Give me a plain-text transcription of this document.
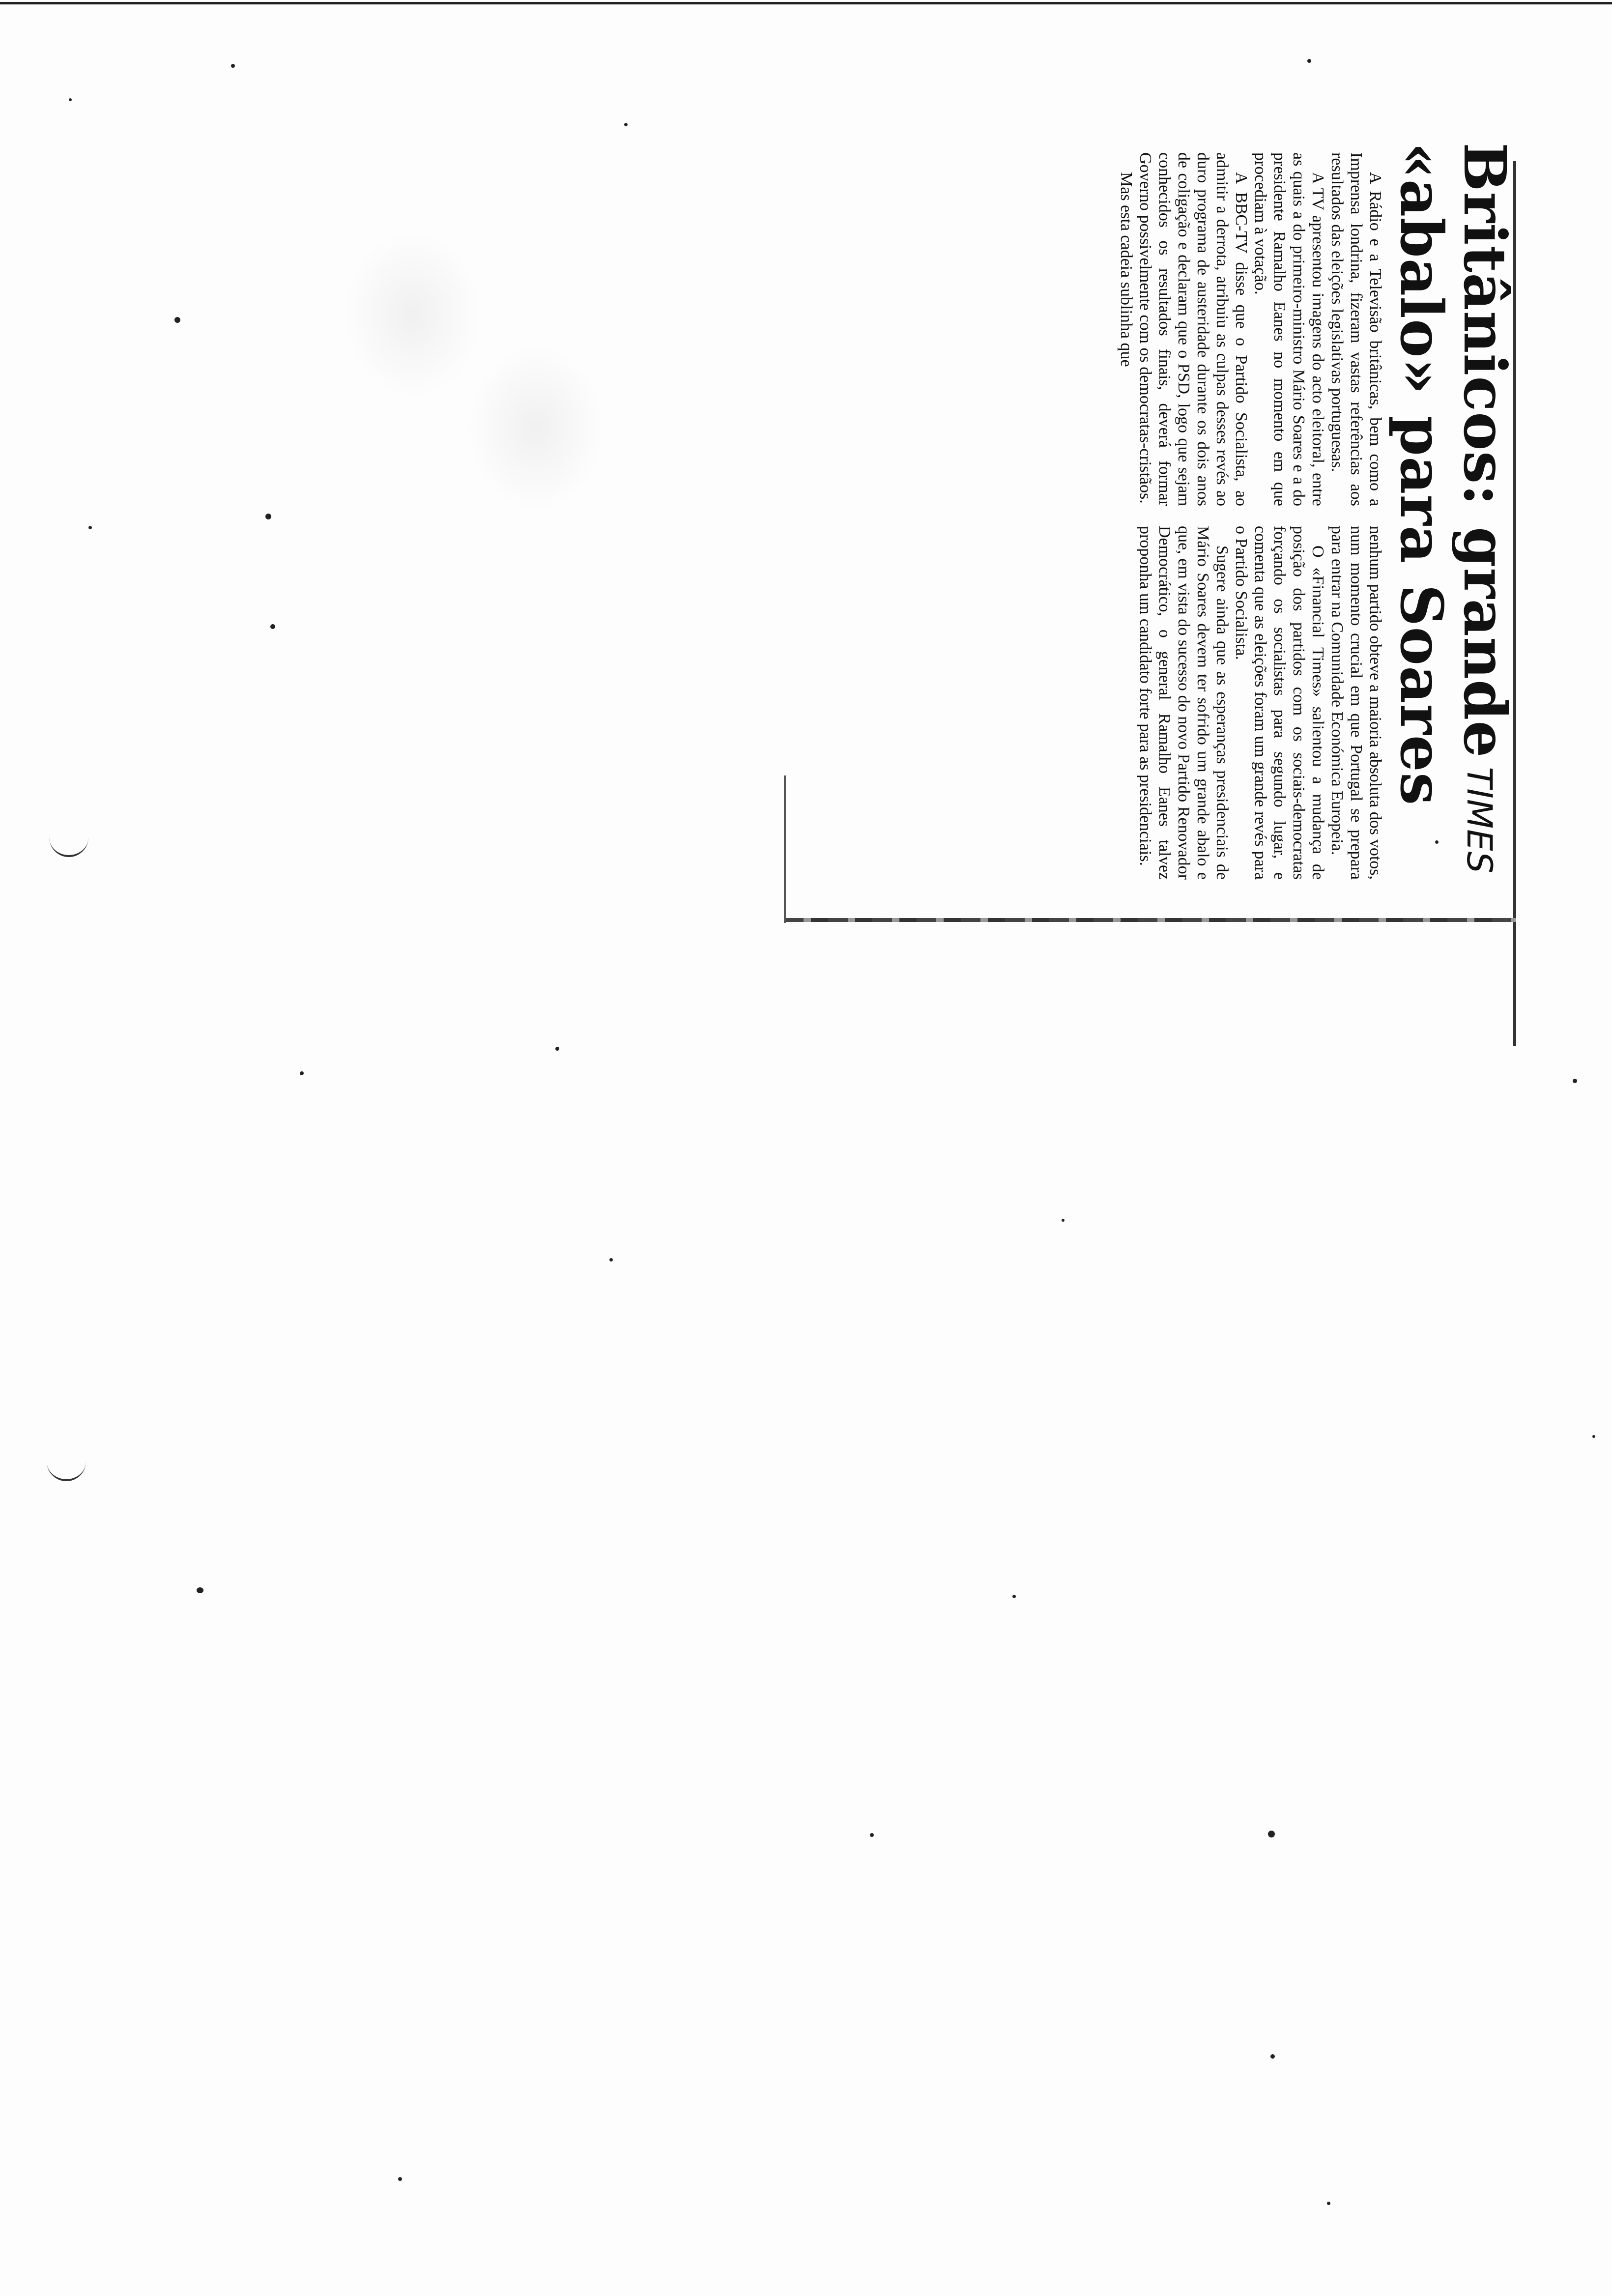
Britânicos: grandeTIMES
«abalo» para Soares

A Rádio e a Televisão britânicas, bem como a Imprensa londrina, fizeram vastas referências aos resultados das eleições legislativas portuguesas.

A TV apresentou imagens do acto eleitoral, entre as quais a do primeiro-ministro Mário Soares e a do presidente Ramalho Eanes no momento em que procediam à votação.

A BBC-TV disse que o Partido Socialista, ao admitir a derrota, atribuiu as culpas desses revés ao duro programa de austeridade durante os dois anos de coligação e declaram que o PSD, logo que sejam conhecidos os resultados finais, deverá formar Governo possivelmente com os democratas-cristãos.

Mas esta cadeia sublinha que

nenhum partido obteve a maioria absoluta dos votos, num momento crucial em que Portugal se prepara para entrar na Comunidade Económica Europeia.

O «Financial Times» salientou a mudança de posição dos partidos com os sociais-democratas forçando os socialistas para segundo lugar, e comenta que as eleições foram um grande revés para o Partido Socialista.

Sugere ainda que as esperanças presidenciais de Mário Soares devem ter sofrido um grande abalo e que, em vista do sucesso do novo Partido Renovador Democrático, o general Ramalho Eanes talvez proponha um candidato forte para as presidenciais.
